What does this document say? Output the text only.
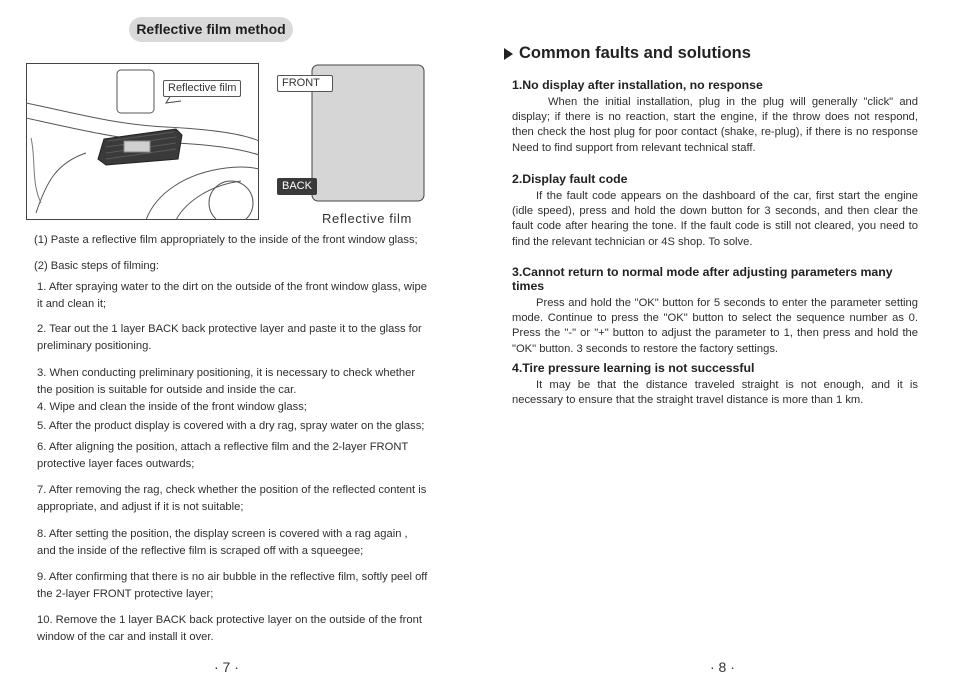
Reflective film method
Reflective film	FRONT
BACK
Reflective film

(1) Paste a reflective film appropriately to the inside of the front window glass;

(2) Basic steps of filming:

1. After spraying water to the dirt on the outside of the front window glass, wipe it and clean it;

2. Tear out the 1 layer BACK back protective layer and paste it to the glass for preliminary positioning.

3. When conducting preliminary positioning, it is necessary to check whether the position is suitable for outside and inside the car.

4. Wipe and clean the inside of the front window glass;

5. After the product display is covered with a dry rag, spray water on the glass;

6. After aligning the position, attach a reflective film and the 2-layer FRONT protective layer faces outwards;

7. After removing the rag, check whether the position of the reflected content is appropriate, and adjust if it is not suitable;

8. After setting the position, the display screen is covered with a rag again , and the inside of the reflective film is scraped off with a squeegee;

9. After confirming that there is no air bubble in the reflective film, softly peel off the 2-layer FRONT protective layer;

10. Remove the 1 layer BACK back protective layer on the outside of the front window of the car and install it over.

· 7 ·
Common faults and solutions
1.No display after installation, no response

When the initial installation, plug in the plug will generally "click" and display; if there is no reaction, start the engine, if the throw does not respond, then check the host plug for poor contact (shake, re-plug), if there is no response Need to find support from relevant technical staff.

2.Display fault code

If the fault code appears on the dashboard of the car, first start the engine (idle speed), press and hold the down button for 3 seconds, and then clear the fault code after hearing the tone. If the fault code is still not cleared, you need to find the relevant technician or 4S shop. To solve.

3.Cannot return to normal mode after adjusting parameters many times

Press and hold the "OK" button for 5 seconds to enter the parameter setting mode. Continue to press the "OK" button to select the sequence number as 0. Press the "-" or "+" button to adjust the parameter to 1, then press and hold the "OK" button. 3 seconds to restore the factory settings.

4.Tire pressure learning is not successful

It may be that the distance traveled straight is not enough, and it is necessary to ensure that the straight travel distance is more than 1 km.

· 8 ·
